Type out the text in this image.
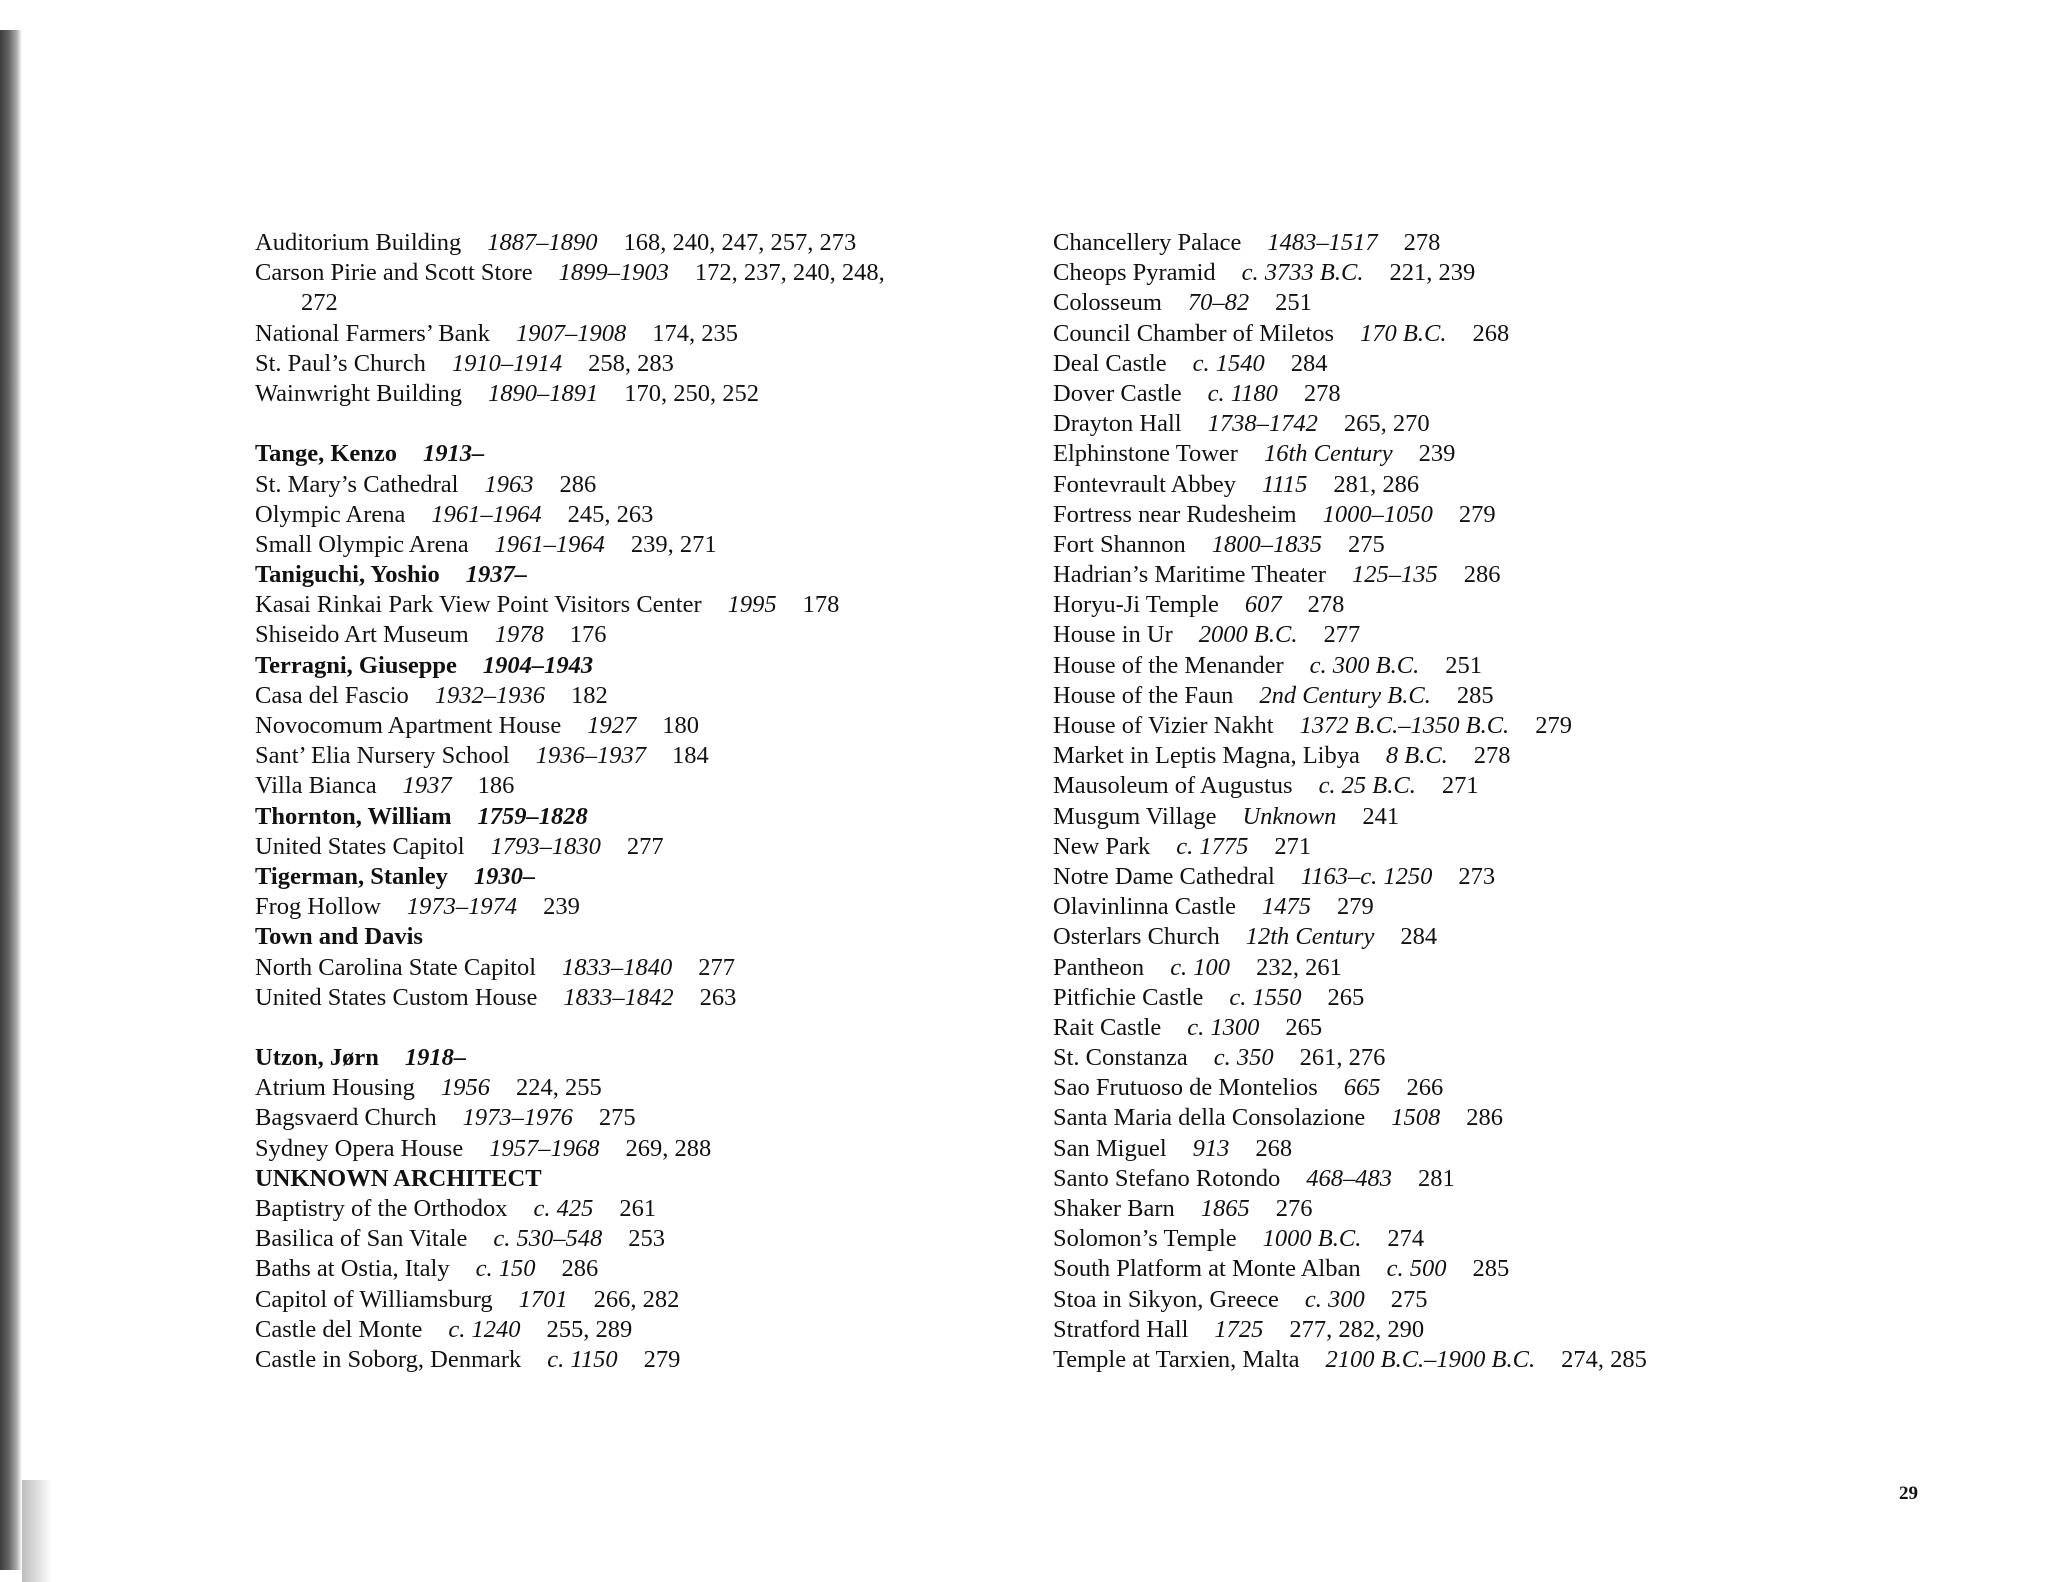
Auditorium Building 1887–1890 168, 240, 247, 257, 273
Carson Pirie and Scott Store 1899–1903 172, 237, 240, 248,
272
National Farmers’ Bank 1907–1908 174, 235
St. Paul’s Church 1910–1914 258, 283
Wainwright Building 1890–1891 170, 250, 252
Tange, Kenzo 1913–
St. Mary’s Cathedral 1963 286
Olympic Arena 1961–1964 245, 263
Small Olympic Arena 1961–1964 239, 271
Taniguchi, Yoshio 1937–
Kasai Rinkai Park View Point Visitors Center 1995 178
Shiseido Art Museum 1978 176
Terragni, Giuseppe 1904–1943
Casa del Fascio 1932–1936 182
Novocomum Apartment House 1927 180
Sant’ Elia Nursery School 1936–1937 184
Villa Bianca 1937 186
Thornton, William 1759–1828
United States Capitol 1793–1830 277
Tigerman, Stanley 1930–
Frog Hollow 1973–1974 239
Town and Davis
North Carolina State Capitol 1833–1840 277
United States Custom House 1833–1842 263
Utzon, Jørn 1918–
Atrium Housing 1956 224, 255
Bagsvaerd Church 1973–1976 275
Sydney Opera House 1957–1968 269, 288
UNKNOWN ARCHITECT
Baptistry of the Orthodox c. 425 261
Basilica of San Vitale c. 530–548 253
Baths at Ostia, Italy c. 150 286
Capitol of Williamsburg 1701 266, 282
Castle del Monte c. 1240 255, 289
Castle in Soborg, Denmark c. 1150 279
Chancellery Palace 1483–1517 278
Cheops Pyramid c. 3733 B.C. 221, 239
Colosseum 70–82 251
Council Chamber of Miletos 170 B.C. 268
Deal Castle c. 1540 284
Dover Castle c. 1180 278
Drayton Hall 1738–1742 265, 270
Elphinstone Tower 16th Century 239
Fontevrault Abbey 1115 281, 286
Fortress near Rudesheim 1000–1050 279
Fort Shannon 1800–1835 275
Hadrian’s Maritime Theater 125–135 286
Horyu-Ji Temple 607 278
House in Ur 2000 B.C. 277
House of the Menander c. 300 B.C. 251
House of the Faun 2nd Century B.C. 285
House of Vizier Nakht 1372 B.C.–1350 B.C. 279
Market in Leptis Magna, Libya 8 B.C. 278
Mausoleum of Augustus c. 25 B.C. 271
Musgum Village Unknown 241
New Park c. 1775 271
Notre Dame Cathedral 1163–c. 1250 273
Olavinlinna Castle 1475 279
Osterlars Church 12th Century 284
Pantheon c. 100 232, 261
Pitfichie Castle c. 1550 265
Rait Castle c. 1300 265
St. Constanza c. 350 261, 276
Sao Frutuoso de Montelios 665 266
Santa Maria della Consolazione 1508 286
San Miguel 913 268
Santo Stefano Rotondo 468–483 281
Shaker Barn 1865 276
Solomon’s Temple 1000 B.C. 274
South Platform at Monte Alban c. 500 285
Stoa in Sikyon, Greece c. 300 275
Stratford Hall 1725 277, 282, 290
Temple at Tarxien, Malta 2100 B.C.–1900 B.C. 274, 285
29
